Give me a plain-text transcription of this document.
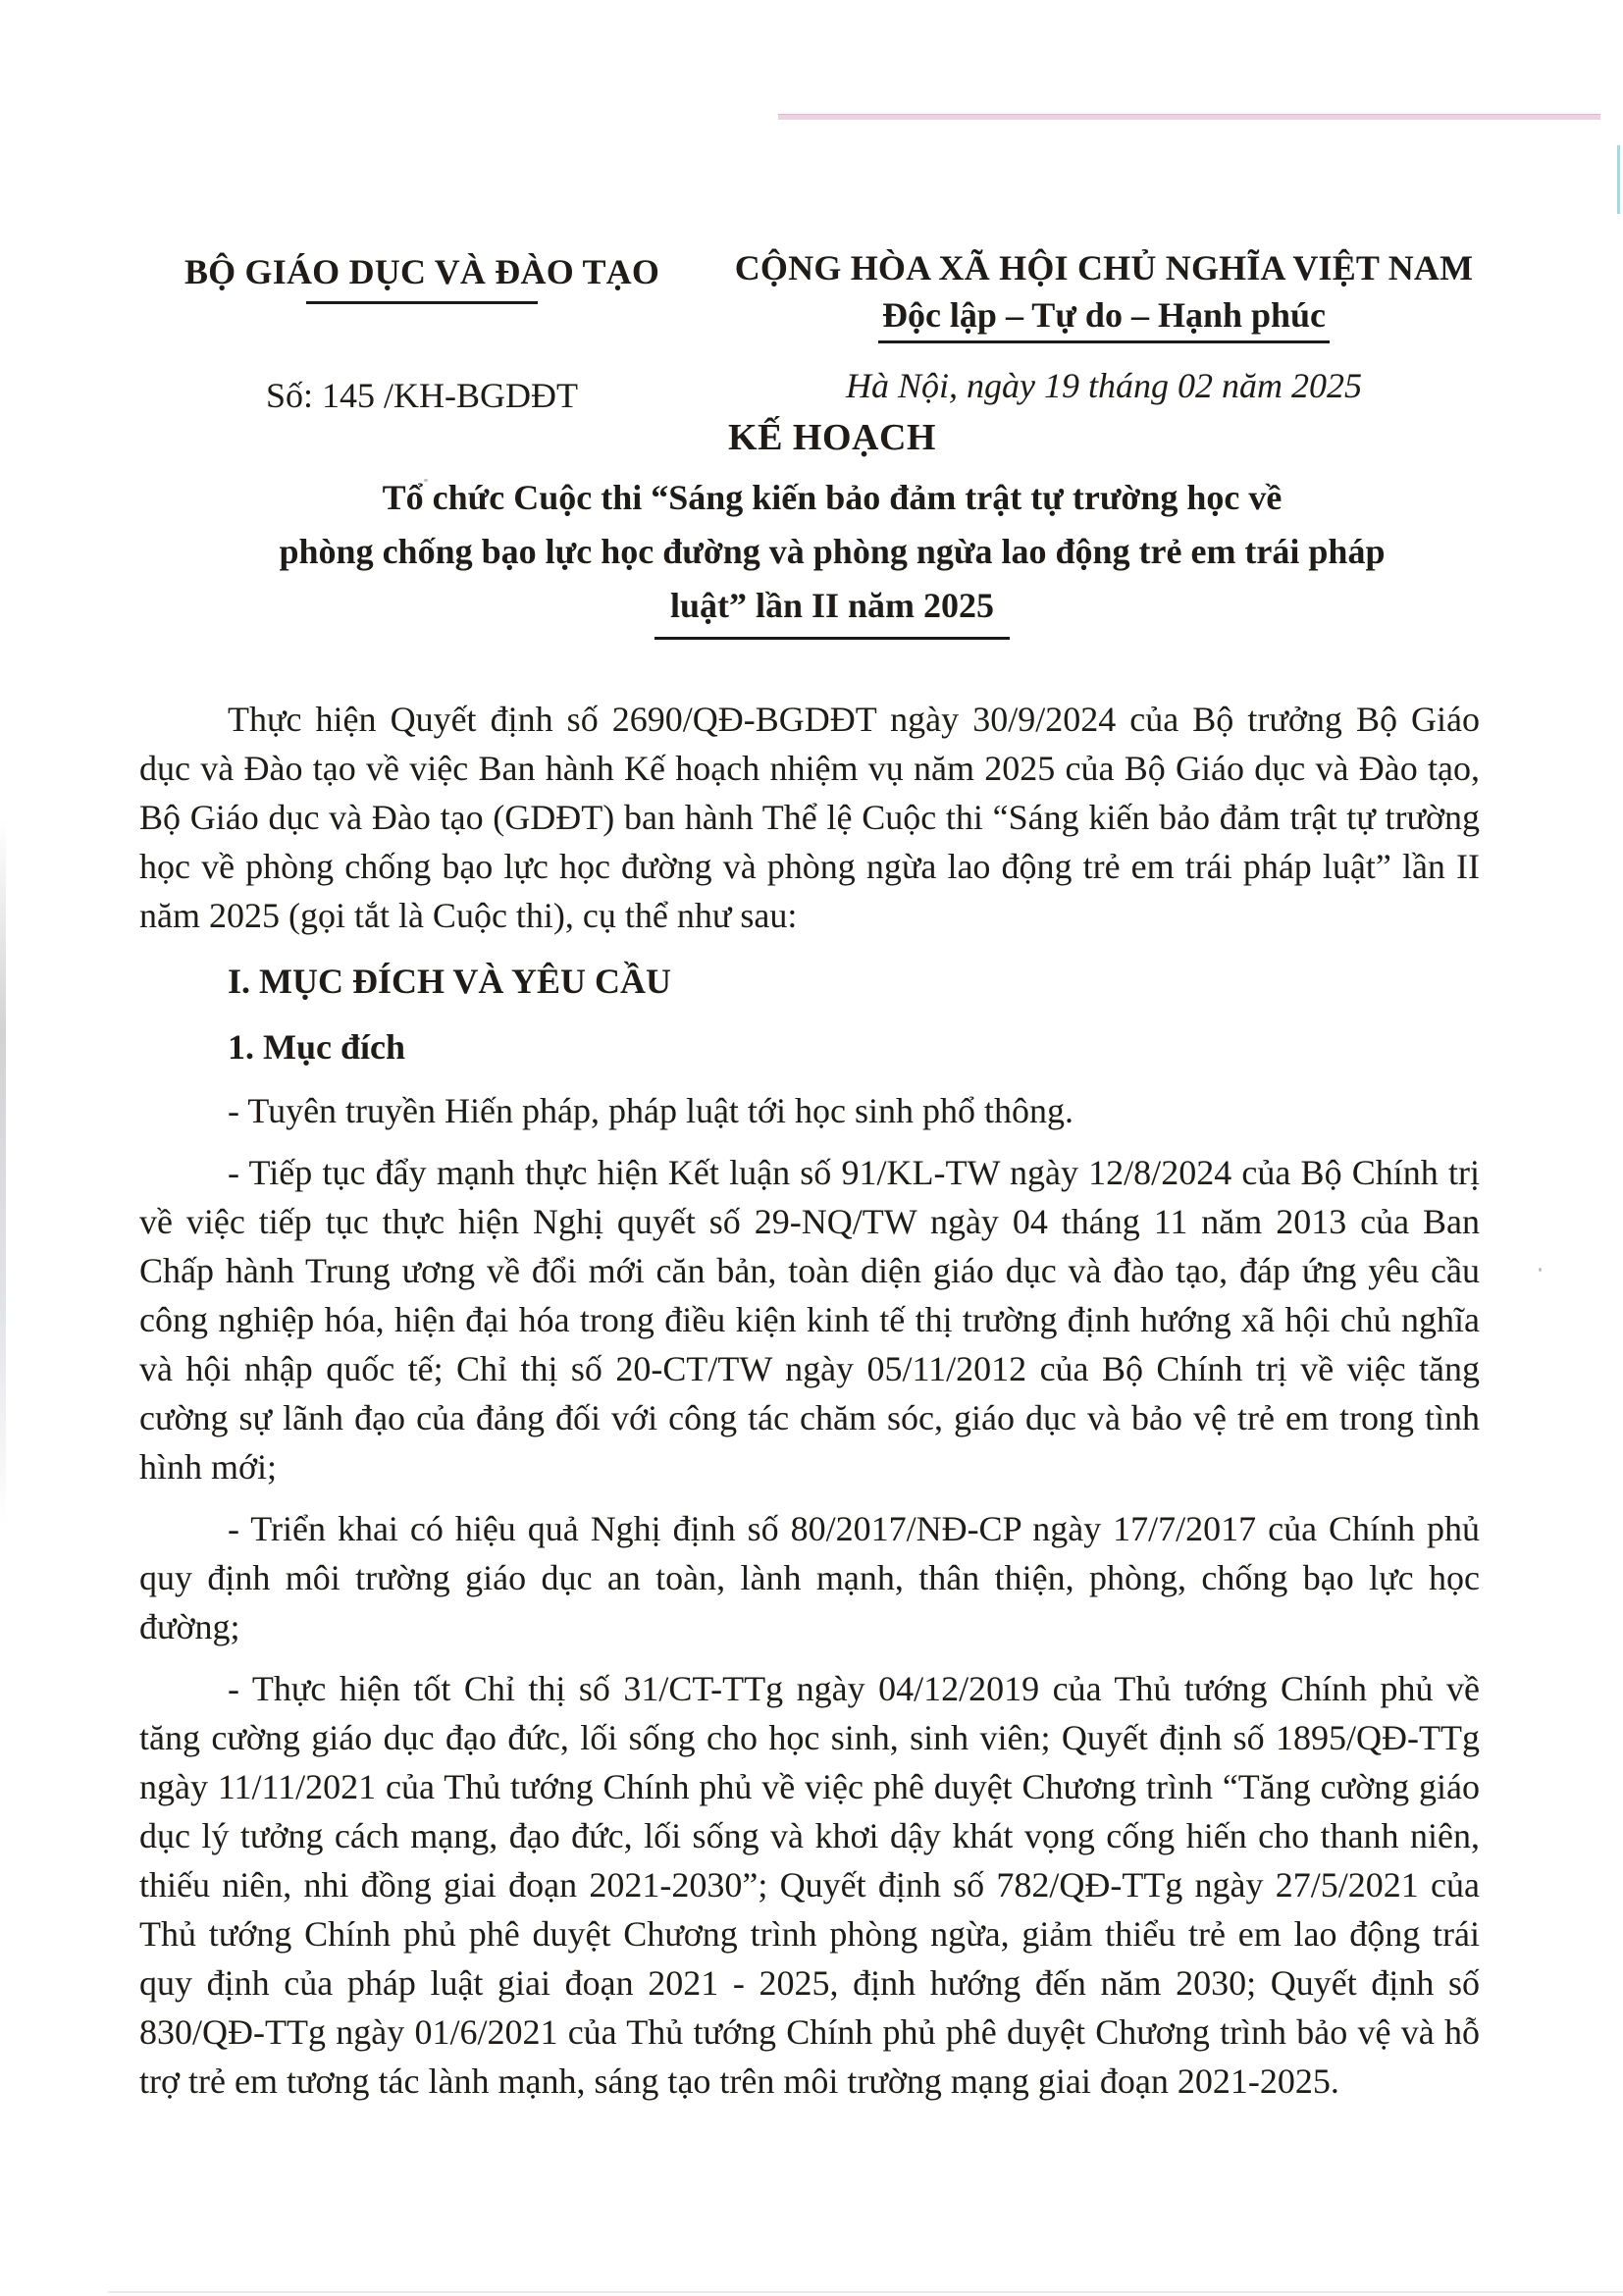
BỘ GIÁO DỤC VÀ ĐÀO TẠO
Số: 145 /KH-BGDĐT
CỘNG HÒA XÃ HỘI CHỦ NGHĨA VIỆT NAM
Độc lập – Tự do – Hạnh phúc
Hà Nội, ngày 19 tháng 02 năm 2025
KẾ HOẠCH
Tổ chức Cuộc thi “Sáng kiến bảo đảm trật tự trường học về
phòng chống bạo lực học đường và phòng ngừa lao động trẻ em trái pháp
luật” lần II năm 2025

Thực hiện Quyết định số 2690/QĐ-BGDĐT ngày 30/9/2024 của Bộ trưởng Bộ Giáo dục và Đào tạo về việc Ban hành Kế hoạch nhiệm vụ năm 2025 của Bộ Giáo dục và Đào tạo, Bộ Giáo dục và Đào tạo (GDĐT) ban hành Thể lệ Cuộc thi “Sáng kiến bảo đảm trật tự trường học về phòng chống bạo lực học đường và phòng ngừa lao động trẻ em trái pháp luật” lần II năm 2025 (gọi tắt là Cuộc thi), cụ thể như sau:

I. MỤC ĐÍCH VÀ YÊU CẦU

1. Mục đích

- Tuyên truyền Hiến pháp, pháp luật tới học sinh phổ thông.

- Tiếp tục đẩy mạnh thực hiện Kết luận số 91/KL-TW ngày 12/8/2024 của Bộ Chính trị về việc tiếp tục thực hiện Nghị quyết số 29-NQ/TW ngày 04 tháng 11 năm 2013 của Ban Chấp hành Trung ương về đổi mới căn bản, toàn diện giáo dục và đào tạo, đáp ứng yêu cầu công nghiệp hóa, hiện đại hóa trong điều kiện kinh tế thị trường định hướng xã hội chủ nghĩa và hội nhập quốc tế; Chỉ thị số 20-CT/TW ngày 05/11/2012 của Bộ Chính trị về việc tăng cường sự lãnh đạo của đảng đối với công tác chăm sóc, giáo dục và bảo vệ trẻ em trong tình hình mới;

- Triển khai có hiệu quả Nghị định số 80/2017/NĐ-CP ngày 17/7/2017 của Chính phủ quy định môi trường giáo dục an toàn, lành mạnh, thân thiện, phòng, chống bạo lực học đường;

- Thực hiện tốt Chỉ thị số 31/CT-TTg ngày 04/12/2019 của Thủ tướng Chính phủ về tăng cường giáo dục đạo đức, lối sống cho học sinh, sinh viên; Quyết định số 1895/QĐ-TTg ngày 11/11/2021 của Thủ tướng Chính phủ về việc phê duyệt Chương trình “Tăng cường giáo dục lý tưởng cách mạng, đạo đức, lối sống và khơi dậy khát vọng cống hiến cho thanh niên, thiếu niên, nhi đồng giai đoạn 2021-2030”; Quyết định số 782/QĐ-TTg ngày 27/5/2021 của Thủ tướng Chính phủ phê duyệt Chương trình phòng ngừa, giảm thiểu trẻ em lao động trái quy định của pháp luật giai đoạn 2021 - 2025, định hướng đến năm 2030; Quyết định số 830/QĐ-TTg ngày 01/6/2021 của Thủ tướng Chính phủ phê duyệt Chương trình bảo vệ và hỗ trợ trẻ em tương tác lành mạnh, sáng tạo trên môi trường mạng giai đoạn 2021-2025.
